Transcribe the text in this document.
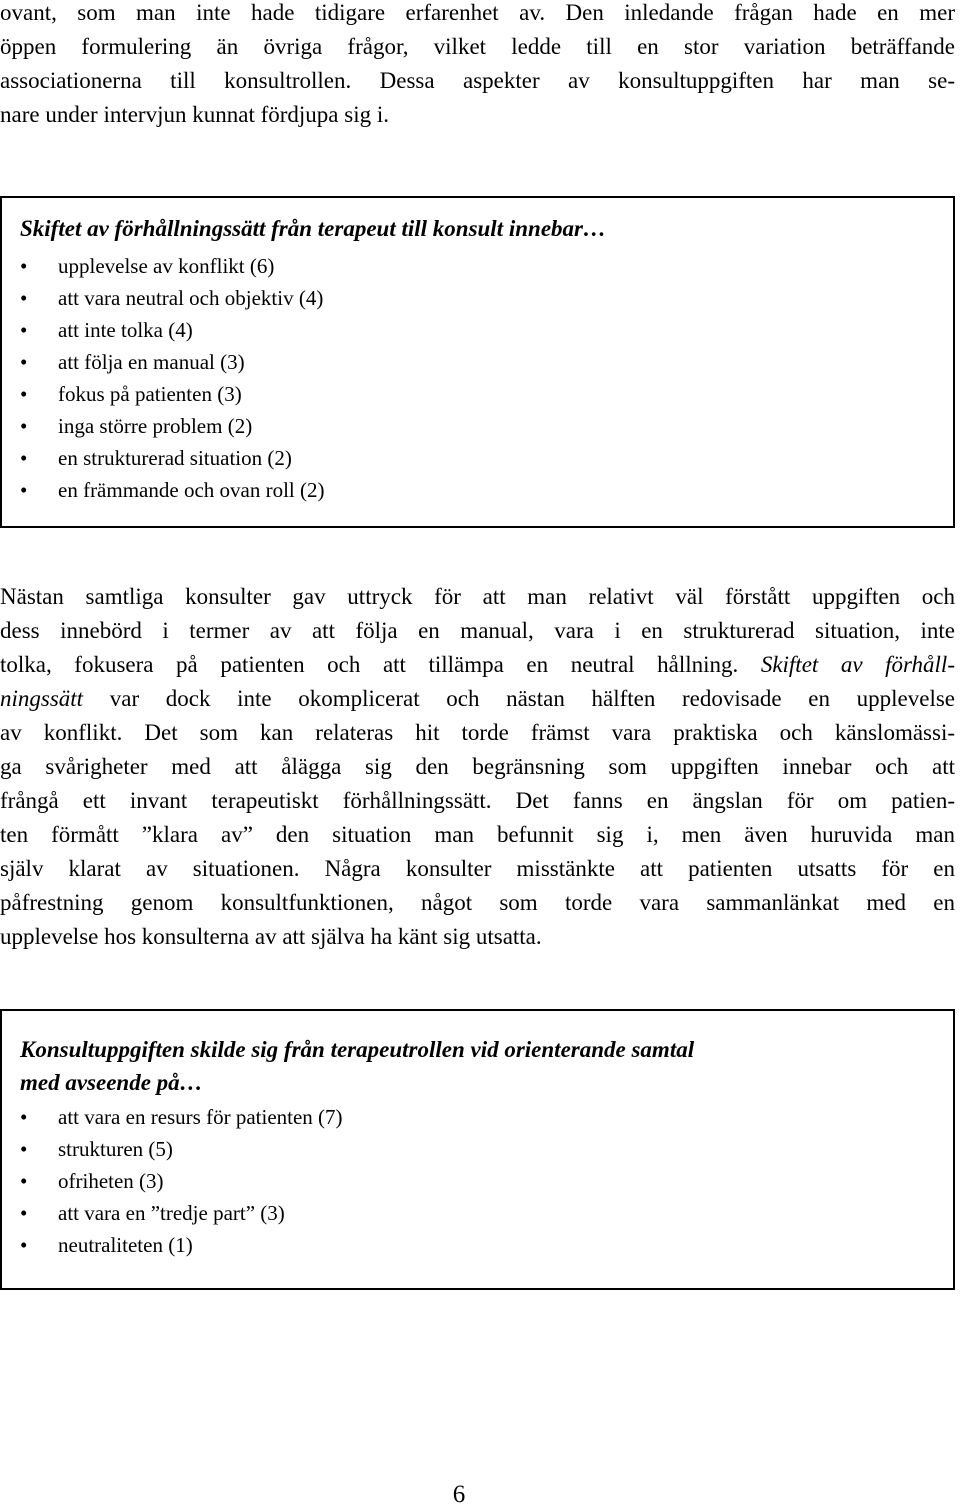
ovant, som man inte hade tidigare erfarenhet av. Den inledande frågan hade en mer
öppen formulering än övriga frågor, vilket ledde till en stor variation beträffande
associationerna till konsultrollen. Dessa aspekter av konsultuppgiften har man se-
nare under intervjun kunnat fördjupa sig i.
Skiftet av förhållningssätt från terapeut till konsult innebar…
• upplevelse av konflikt (6)
• att vara neutral och objektiv (4)
• att inte tolka (4)
• att följa en manual (3)
• fokus på patienten (3)
• inga större problem (2)
• en strukturerad situation (2)
• en främmande och ovan roll (2)
Nästan samtliga konsulter gav uttryck för att man relativt väl förstått uppgiften och
dess innebörd i termer av att följa en manual, vara i en strukturerad situation, inte
tolka, fokusera på patienten och att tillämpa en neutral hållning. Skiftet av förhåll-
ningssätt var dock inte okomplicerat och nästan hälften redovisade en upplevelse
av konflikt. Det som kan relateras hit torde främst vara praktiska och känslomässi-
ga svårigheter med att ålägga sig den begränsning som uppgiften innebar och att
frångå ett invant terapeutiskt förhållningssätt. Det fanns en ängslan för om patien-
ten förmått ”klara av” den situation man befunnit sig i, men även huruvida man
själv klarat av situationen. Några konsulter misstänkte att patienten utsatts för en
påfrestning genom konsultfunktionen, något som torde vara sammanlänkat med en
upplevelse hos konsulterna av att själva ha känt sig utsatta.
Konsultuppgiften skilde sig från terapeutrollen vid orienterande samtal
med avseende på…
• att vara en resurs för patienten (7)
• strukturen (5)
• ofriheten (3)
• att vara en ”tredje part” (3)
• neutraliteten (1)
6
